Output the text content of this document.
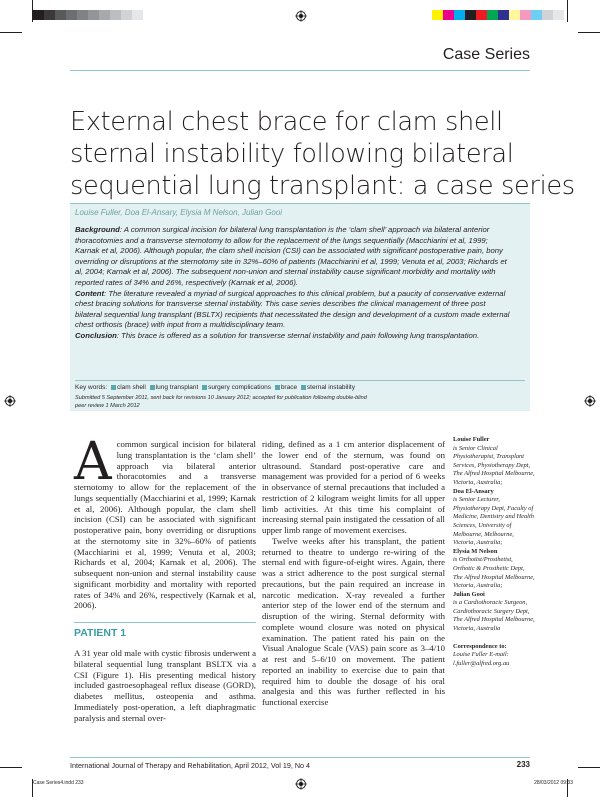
Case Series
External chest brace for clam shell
sternal instability following bilateral
sequential lung transplant: a case series
Louise Fuller, Doa El-Ansary, Elysia M Nelson, Julian Gooi

Background: A common surgical incision for bilateral lung transplantation is the ‘clam shell’ approach via bilateral anterior thoracotomies and a transverse sternotomy to allow for the replacement of the lungs sequentially (Macchiarini et al, 1999; Karnak et al, 2006). Although popular, the clam shell incision (CSI) can be associated with significant postoperative pain, bony overriding or disruptions at the sternotomy site in 32%–60% of patients (Macchiarini et al, 1999; Venuta et al, 2003; Richards et al, 2004; Karnak et al, 2006). The subsequent non-union and sternal instability cause significant morbidity and mortality with reported rates of 34% and 26%, respectively (Karnak et al, 2006).

Content: The literature revealed a myriad of surgical approaches to this clinical problem, but a paucity of conservative external chest bracing solutions for transverse sternal instability. This case series describes the clinical management of three post bilateral sequential lung transplant (BSLTX) recipients that necessitated the design and development of a custom made external chest orthosis (brace) with input from a multidisciplinary team.

Conclusion: This brace is offered as a solution for transverse sternal instability and pain following lung transplantation.

Key words: clam shell lung transplant surgery complications brace sternal instability
Submitted 5 September 2011, sent back for revisions 10 January 2012; accepted for publication following double-blind peer review 1 March 2012
Acommon surgical incision for bilateral lung transplantation is the ‘clam shell’ approach via bilateral anterior thoracotomies and a transverse sternotomy to allow for the replacement of the lungs sequentially (Macchiarini et al, 1999; Karnak et al, 2006). Although popular, the clam shell incision (CSI) can be associated with significant postoperative pain, bony overriding or disruptions at the sternotomy site in 32%–60% of patients (Macchiarini et al, 1999; Venuta et al, 2003; Richards et al, 2004; Karnak et al, 2006). The subsequent non-union and sternal instability cause significant morbidity and mortality with reported rates of 34% and 26%, respectively (Karnak et al, 2006).
PATIENT 1
A 31 year old male with cystic fibrosis underwent a bilateral sequential lung transplant BSLTX via a CSI (Figure 1). His presenting medical history included gastroesophageal reflux disease (GORD), diabetes mellitus, osteopenia and asthma. Immediately post-operation, a left diaphragmatic paralysis and sternal over-

riding, defined as a 1 cm anterior displacement of the lower end of the sternum, was found on ultrasound. Standard post-operative care and management was provided for a period of 6 weeks in observance of sternal precautions that included a restriction of 2 kilogram weight limits for all upper limb activities. At this time his complaint of increasing sternal pain instigated the cessation of all upper limb range of movement exercises.

Twelve weeks after his transplant, the patient returned to theatre to undergo re-wiring of the sternal end with figure-of-eight wires. Again, there was a strict adherence to the post surgical sternal precautions, but the pain required an increase in narcotic medication. X-ray revealed a further anterior step of the lower end of the sternum and disruption of the wiring. Sternal deformity with complete wound closure was noted on physical examination. The patient rated his pain on the Visual Analogue Scale (VAS) pain score as 3–4/10 at rest and 5–6/10 on movement. The patient reported an inability to exercise due to pain that required him to double the dosage of his oral analgesia and this was further reflected in his functional exercise

Louise Fuller
is Senior Clinical Physiotherapist, Transplant Services, Physiotherapy Dept, The Alfred Hospital Melbourne, Victoria, Australia;
Doa El-Ansary
is Senior Lecturer, Physiotherapy Dept, Faculty of Medicine, Dentistry and Health Sciences, University of Melbourne, Melbourne, Victoria, Australia;
Elysia M Nelson
is Orthotist/Prosthetist, Orthotic & Prosthetic Dept, The Alfred Hospital Melbourne, Victoria, Australia;
Julian Gooi
is a Cardiothoracic Surgeon, Cardiothoracic Surgery Dept, The Alfred Hospital Melbourne, Victoria, Australia
Correspondence to:
Louise Fuller E-mail: l.fuller@alfred.org.au
International Journal of Therapy and Rehabilitation, April 2012, Vol 19, No 4	233
Case Series4.indd 233	28/03/2012 09:33
